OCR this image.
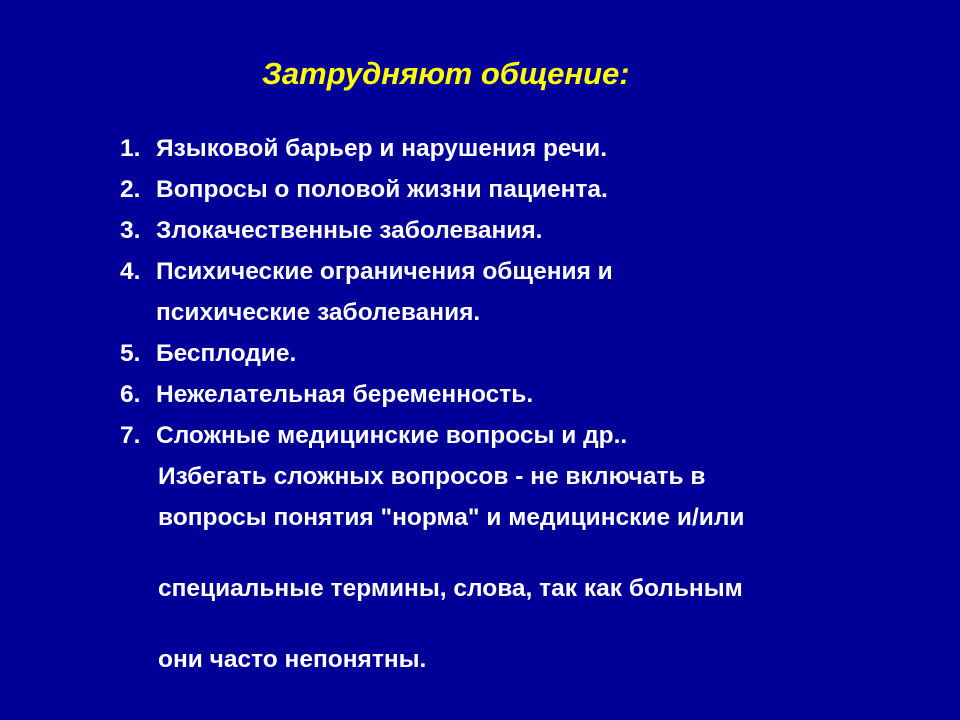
Затрудняют общение:
1. Языковой барьер и нарушения речи.
2. Вопросы о половой жизни пациента.
3. Злокачественные заболевания.
4. Психические ограничения общения и
психические заболевания.
5. Бесплодие.
6. Нежелательная беременность.
7. Сложные медицинские вопросы и др..
Избегать сложных вопросов - не включать в
вопросы понятия "норма" и медицинские и/или
специальные термины, слова, так как больным
они часто непонятны.
